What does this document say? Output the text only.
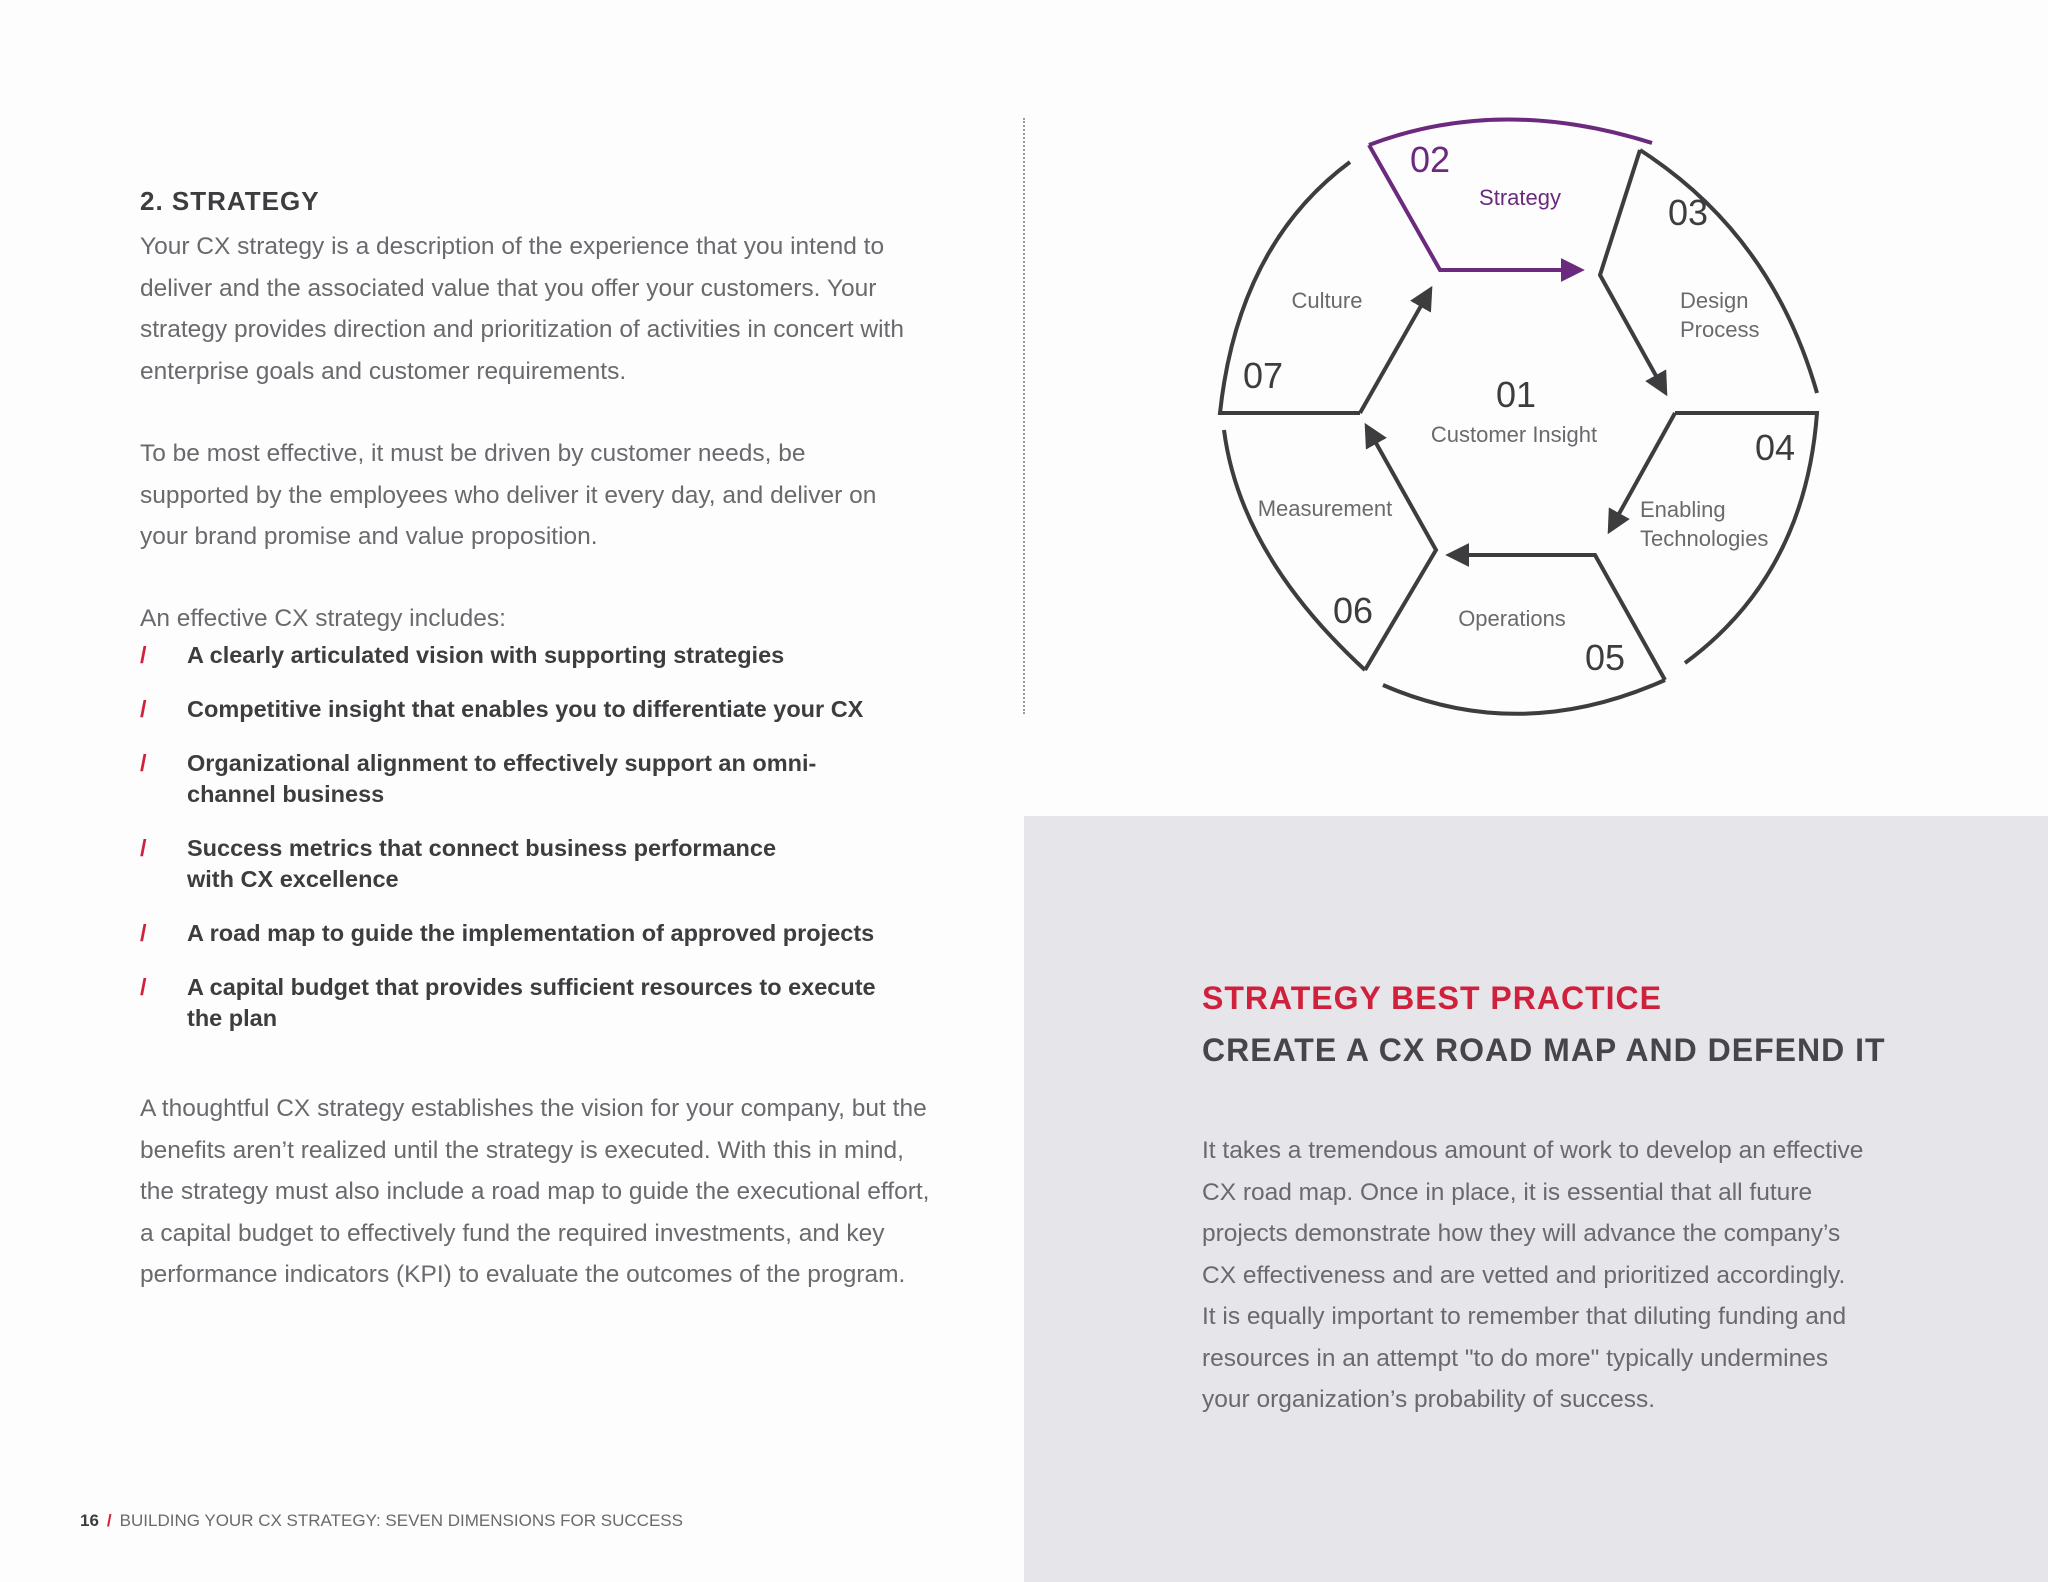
2. STRATEGY

Your CX strategy is a description of the experience that you intend to deliver and the associated value that you offer your customers. Your strategy provides direction and prioritization of activities in concert with enterprise goals and customer requirements.

To be most effective, it must be driven by customer needs, be supported by the employees who deliver it every day, and deliver on your brand promise and value proposition.

An effective CX strategy includes:

/ A clearly articulated vision with supporting strategies
/ Competitive insight that enables you to differentiate your CX
/ Organizational alignment to effectively support an omni-channel business
/ Success metrics that connect business performance with CX excellence
/ A road map to guide the implementation of approved projects
/ A capital budget that provides sufficient resources to execute the plan

A thoughtful CX strategy establishes the vision for your company, but the benefits aren’t realized until the strategy is executed. With this in mind, the strategy must also include a road map to guide the executional effort, a capital budget to effectively fund the required investments, and key performance indicators (KPI) to evaluate the outcomes of the program.

02
Strategy	03
Design
Process
04
Enabling
Technologies
Operations
05
Measurement
06
Culture
07	01
Customer Insight
STRATEGY BEST PRACTICE
CREATE A CX ROAD MAP AND DEFEND IT
It takes a tremendous amount of work to develop an effective
CX road map. Once in place, it is essential that all future
projects demonstrate how they will advance the company’s
CX effectiveness and are vetted and prioritized accordingly.
It is equally important to remember that diluting funding and
resources in an attempt "to do more" typically undermines
your organization’s probability of success.
16 / BUILDING YOUR CX STRATEGY: SEVEN DIMENSIONS FOR SUCCESS
